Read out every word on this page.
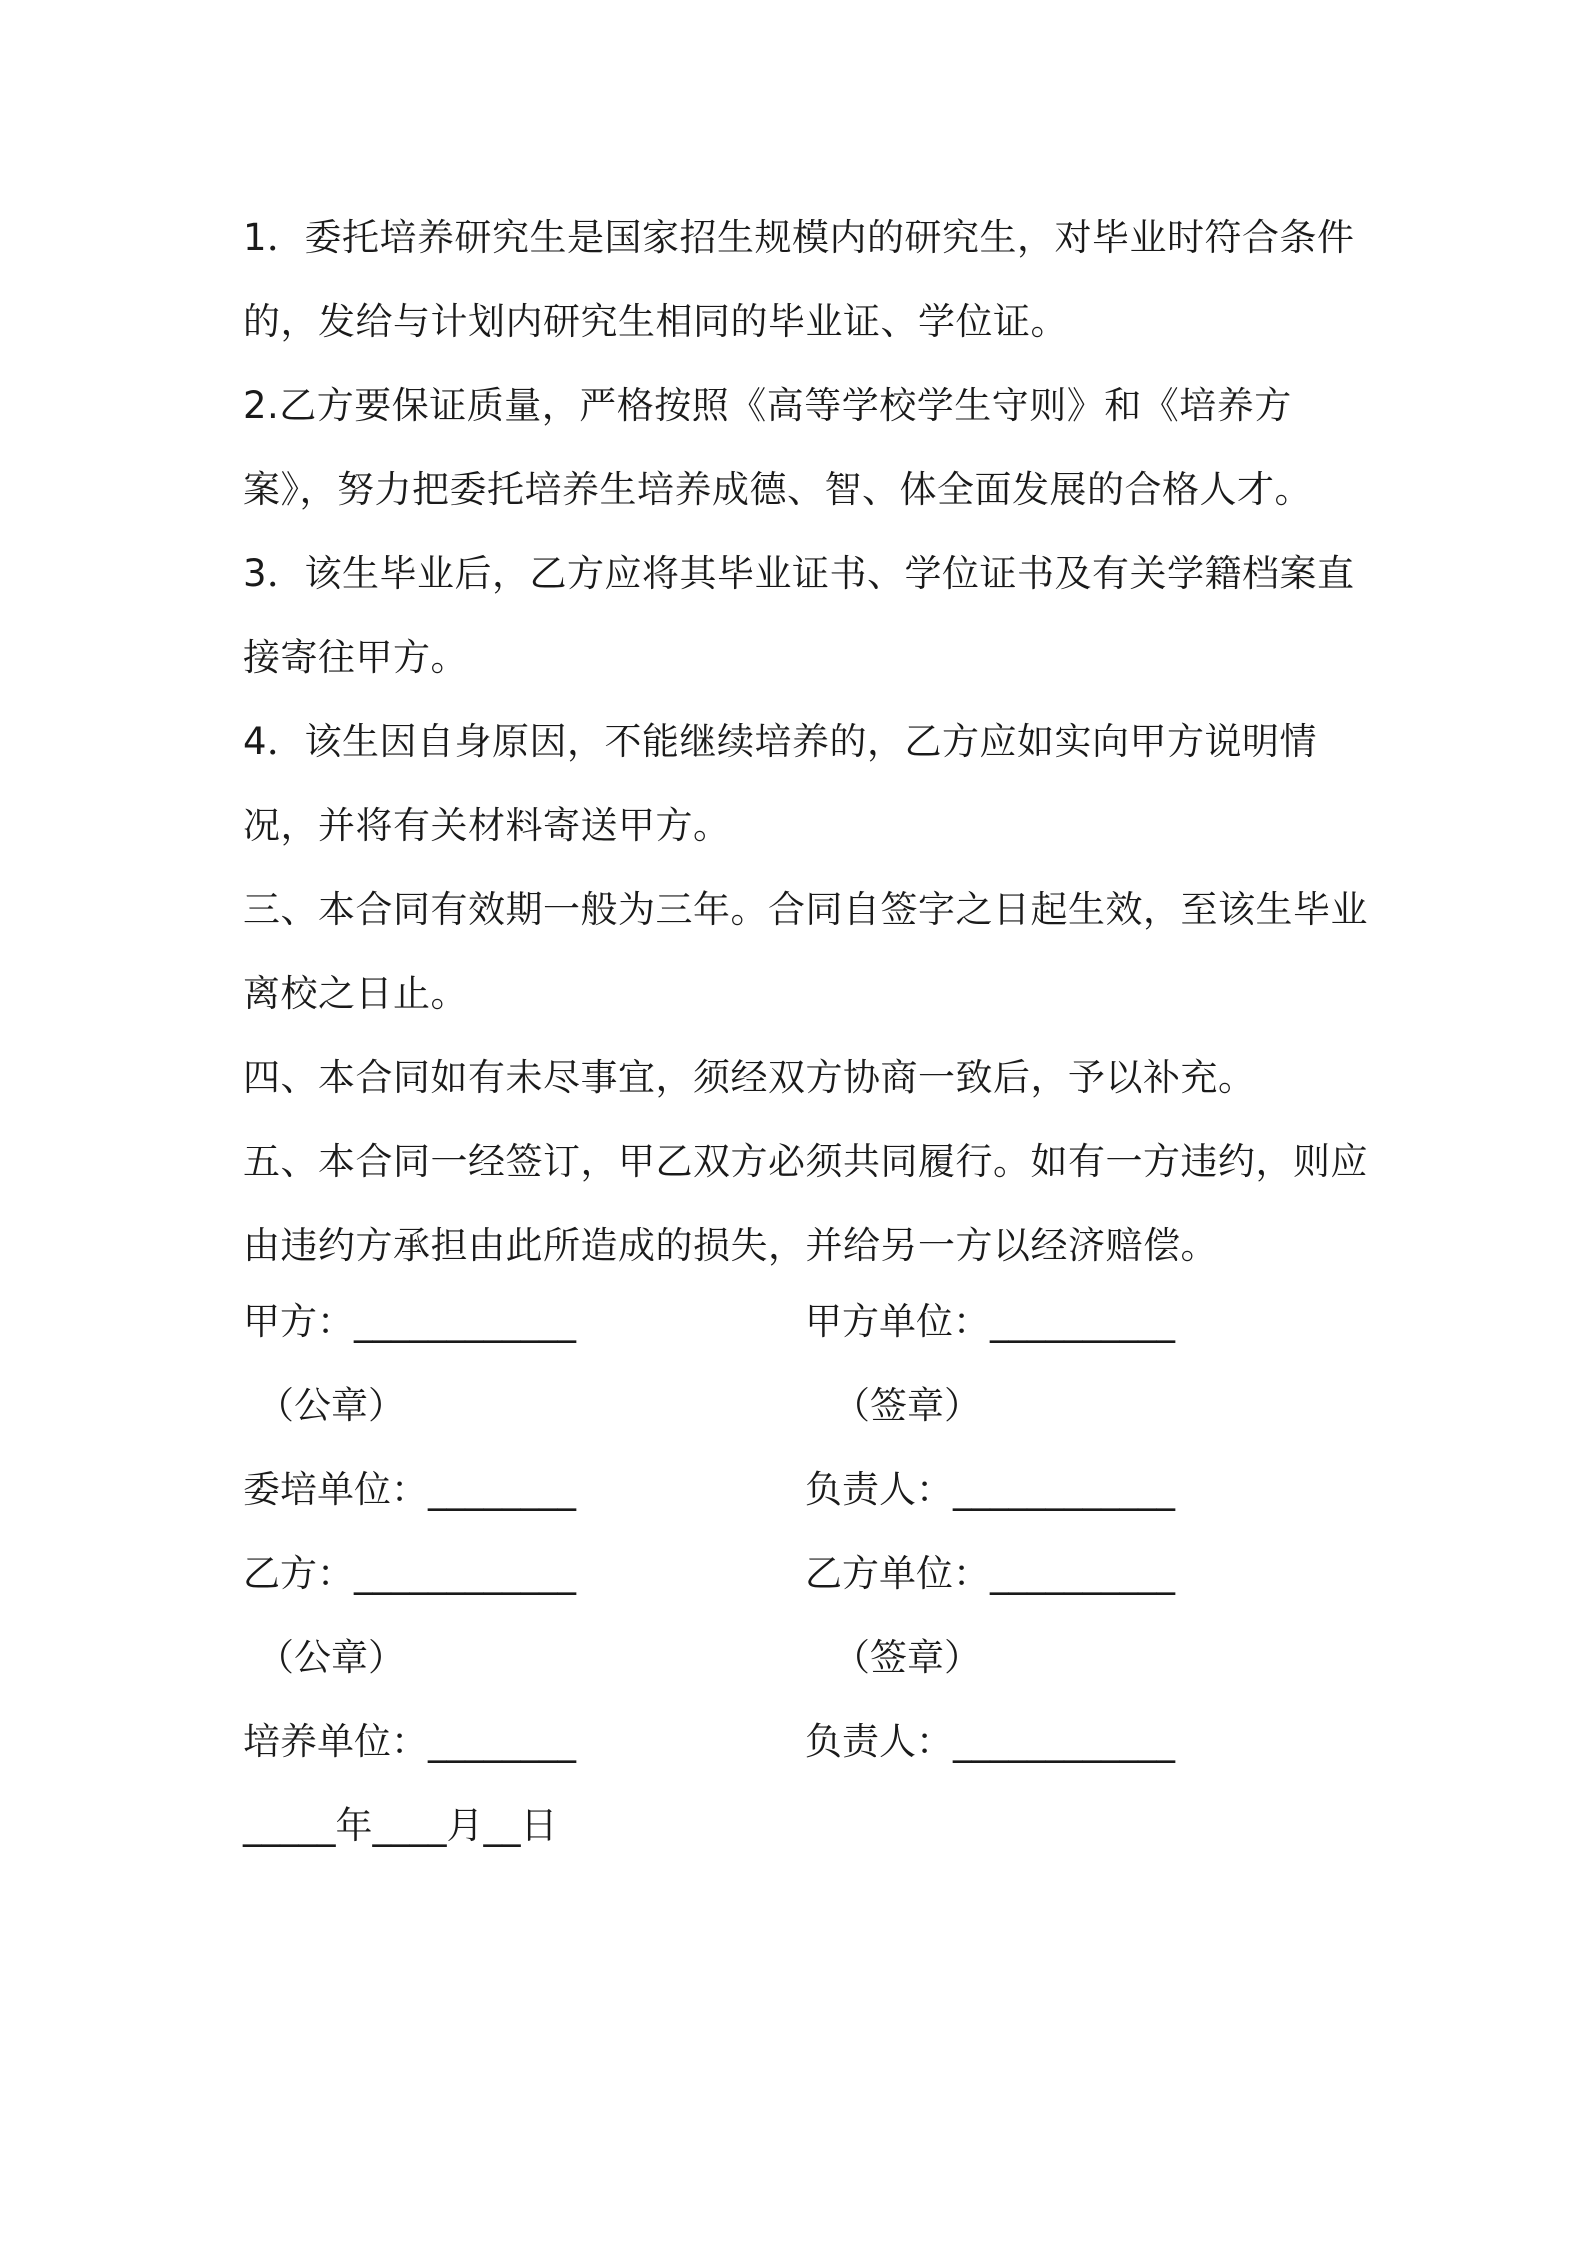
1．委托培养研究生是国家招生规模内的研究生，对毕业时符合条件的，发给与计划内研究生相同的毕业证、学位证。

2.乙方要保证质量，严格按照《高等学校学生守则》和《培养方案》，努力把委托培养生培养成德、智、体全面发展的合格人才。

3．该生毕业后，乙方应将其毕业证书、学位证书及有关学籍档案直接寄往甲方。

4．该生因自身原因，不能继续培养的，乙方应如实向甲方说明情况，并将有关材料寄送甲方。

三、本合同有效期一般为三年。合同自签字之日起生效，至该生毕业离校之日止。

四、本合同如有未尽事宜，须经双方协商一致后，予以补充。

五、本合同一经签订，甲乙双方必须共同履行。如有一方违约，则应由违约方承担由此所造成的损失，并给另一方以经济赔偿。

甲方：____________	甲方单位：__________
（公章）	（签章）
委培单位：________	负责人：____________
乙方：____________	乙方单位：__________
（公章）	（签章）
培养单位：________	负责人：____________
_____年____月__日
